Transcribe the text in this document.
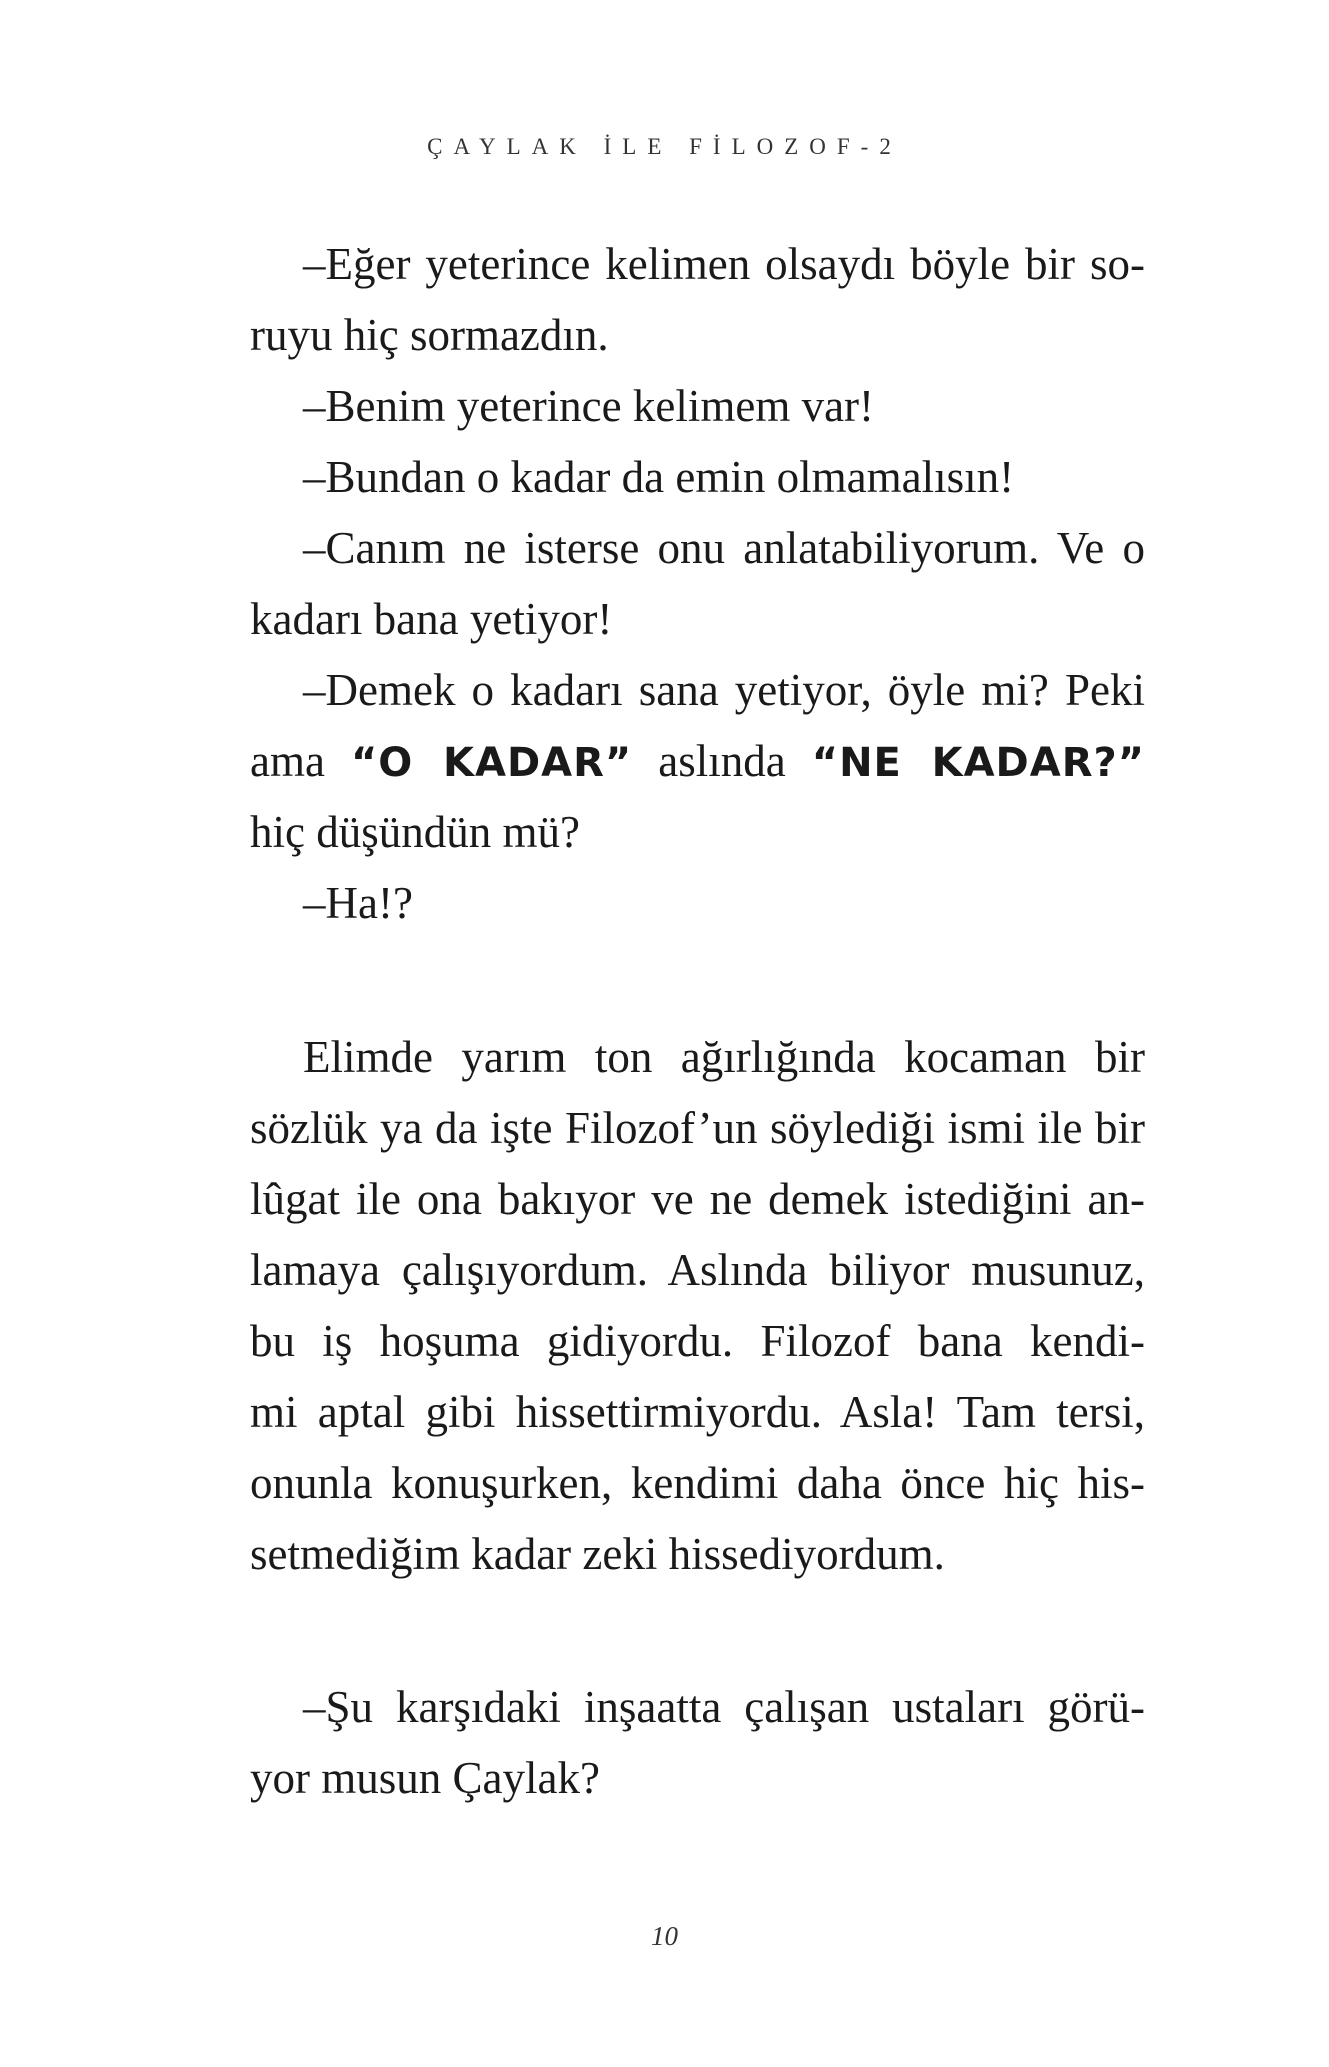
ÇAYLAK İLE FİLOZOF-2
–Eğer yeterince kelimen olsaydı böyle bir so-
ruyu hiç sormazdın.
–Benim yeterince kelimem var!
–Bundan o kadar da emin olmamalısın!
–Canım ne isterse onu anlatabiliyorum. Ve o
kadarı bana yetiyor!
–Demek o kadarı sana yetiyor, öyle mi? Peki
ama “O KADAR” aslında “NE KADAR?”
hiç düşündün mü?
–Ha!?
Elimde yarım ton ağırlığında kocaman bir
sözlük ya da işte Filozof’un söylediği ismi ile bir
lûgat ile ona bakıyor ve ne demek istediğini an-
lamaya çalışıyordum. Aslında biliyor musunuz,
bu iş hoşuma gidiyordu. Filozof bana kendi-
mi aptal gibi hissettirmiyordu. Asla! Tam tersi,
onunla konuşurken, kendimi daha önce hiç his-
setmediğim kadar zeki hissediyordum.
–Şu karşıdaki inşaatta çalışan ustaları görü-
yor musun Çaylak?
10
